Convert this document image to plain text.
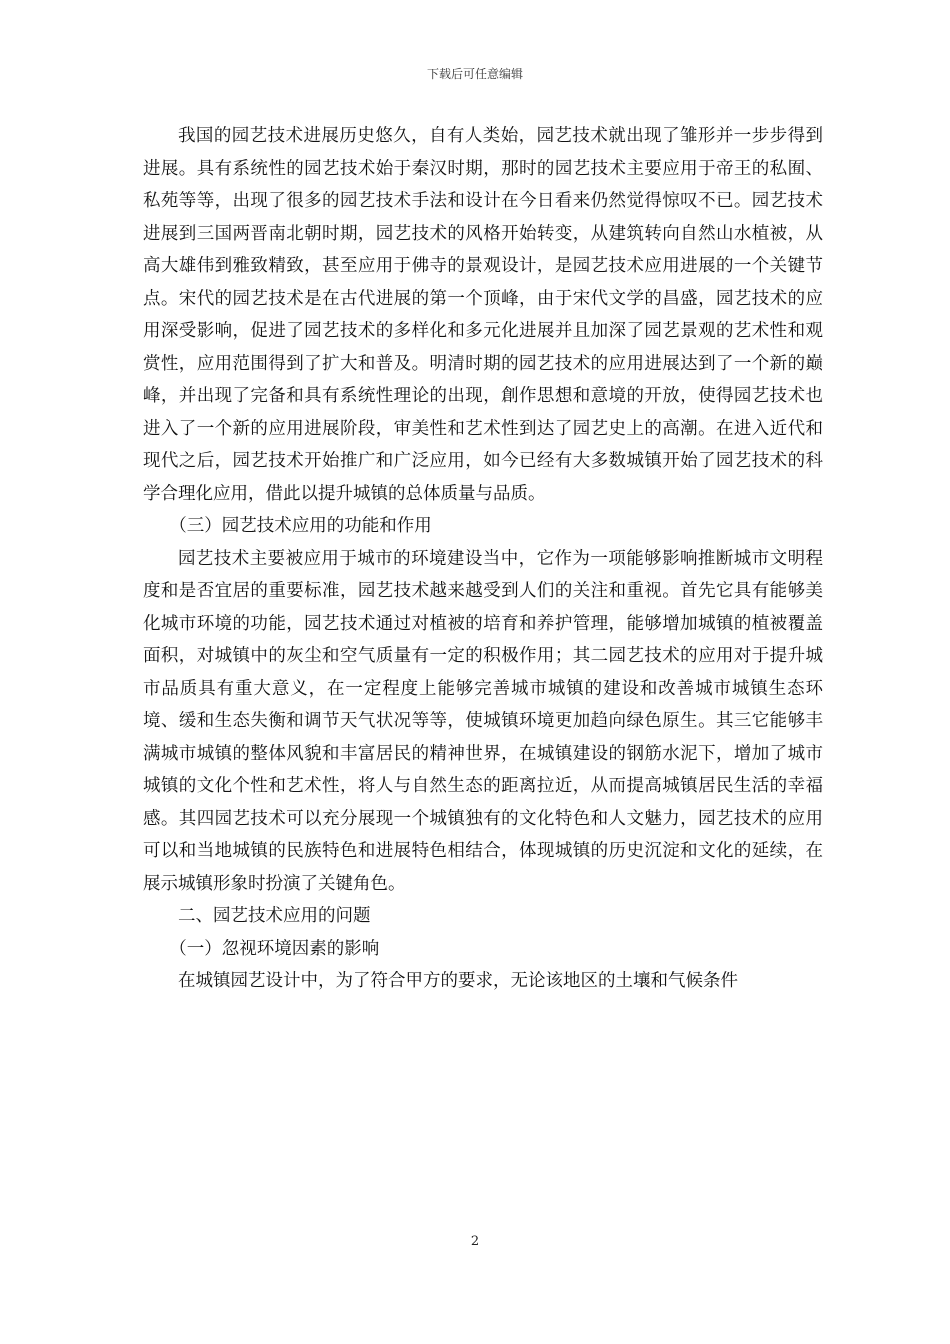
下载后可任意编辑

我国的园艺技术进展历史悠久，自有人类始，园艺技术就出现了雏形并一步步得到进展。具有系统性的园艺技术始于秦汉时期，那时的园艺技术主要应用于帝王的私囿、私苑等等，出现了很多的园艺技术手法和设计在今日看来仍然觉得惊叹不已。园艺技术进展到三国两晋南北朝时期，园艺技术的风格开始转变，从建筑转向自然山水植被，从高大雄伟到雅致精致，甚至应用于佛寺的景观设计，是园艺技术应用进展的一个关键节点。宋代的园艺技术是在古代进展的第一个顶峰，由于宋代文学的昌盛，园艺技术的应用深受影响，促进了园艺技术的多样化和多元化进展并且加深了园艺景观的艺术性和观赏性，应用范围得到了扩大和普及。明清时期的园艺技术的应用进展达到了一个新的巅峰，并出现了完备和具有系统性理论的出现，創作思想和意境的开放，使得园艺技术也进入了一个新的应用进展阶段，审美性和艺术性到达了园艺史上的高潮。在进入近代和现代之后，园艺技术开始推广和广泛应用，如今已经有大多数城镇开始了园艺技术的科学合理化应用，借此以提升城镇的总体质量与品质。

（三）园艺技术应用的功能和作用

园艺技术主要被应用于城市的环境建设当中，它作为一项能够影响推断城市文明程度和是否宜居的重要标准，园艺技术越来越受到人们的关注和重视。首先它具有能够美化城市环境的功能，园艺技术通过对植被的培育和养护管理，能够增加城镇的植被覆盖面积，对城镇中的灰尘和空气质量有一定的积极作用；其二园艺技术的应用对于提升城市品质具有重大意义，在一定程度上能够完善城市城镇的建设和改善城市城镇生态环境、缓和生态失衡和调节天气状况等等，使城镇环境更加趋向绿色原生。其三它能够丰满城市城镇的整体风貌和丰富居民的精神世界，在城镇建设的钢筋水泥下，增加了城市城镇的文化个性和艺术性，将人与自然生态的距离拉近，从而提高城镇居民生活的幸福感。其四园艺技术可以充分展现一个城镇独有的文化特色和人文魅力，园艺技术的应用可以和当地城镇的民族特色和进展特色相结合，体现城镇的历史沉淀和文化的延续，在展示城镇形象时扮演了关键角色。

二、园艺技术应用的问题

（一）忽视环境因素的影响

在城镇园艺设计中，为了符合甲方的要求，无论该地区的土壤和气候条件

2
